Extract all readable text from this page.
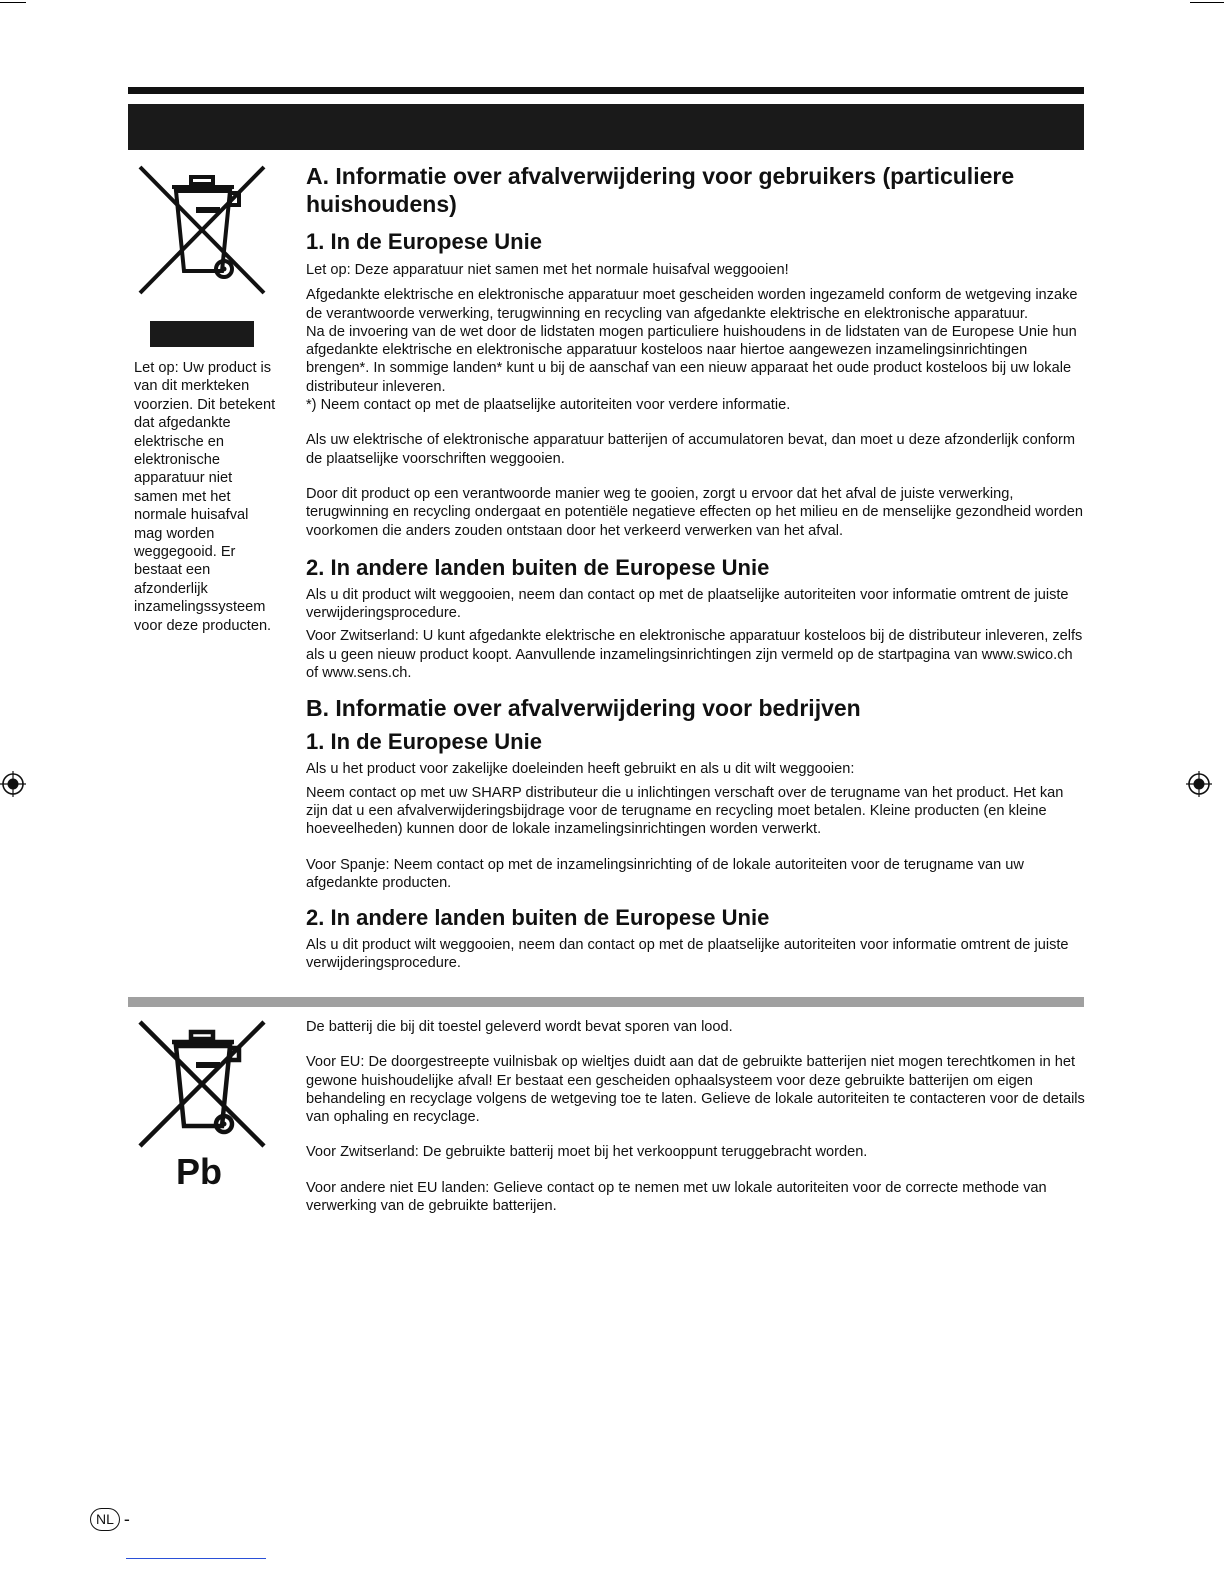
Let op: Uw product is van dit merkteken voorzien. Dit betekent dat afgedankte elektrische en elektronische apparatuur niet samen met het normale huisafval mag worden weggegooid. Er bestaat een afzonderlijk inzamelingssysteem voor deze producten.
A. Informatie over afvalverwijdering voor gebruikers (particuliere huishoudens)
1. In de Europese Unie

Let op: Deze apparatuur niet samen met het normale huisafval weggooien!

Afgedankte elektrische en elektronische apparatuur moet gescheiden worden ingezameld conform de wetgeving inzake de verantwoorde verwerking, terugwinning en recycling van afgedankte elektrische en elektronische apparatuur.

Na de invoering van de wet door de lidstaten mogen particuliere huishoudens in de lidstaten van de Europese Unie hun afgedankte elektrische en elektronische apparatuur kosteloos naar hiertoe aangewezen inzamelingsinrichtingen brengen*. In sommige landen* kunt u bij de aanschaf van een nieuw apparaat het oude product kosteloos bij uw lokale distributeur inleveren.

*) Neem contact op met de plaatselijke autoriteiten voor verdere informatie.

Als uw elektrische of elektronische apparatuur batterijen of accumulatoren bevat, dan moet u deze afzonderlijk conform de plaatselijke voorschriften weggooien.

Door dit product op een verantwoorde manier weg te gooien, zorgt u ervoor dat het afval de juiste verwerking, terugwinning en recycling ondergaat en potentiële negatieve effecten op het milieu en de menselijke gezondheid worden voorkomen die anders zouden ontstaan door het verkeerd verwerken van het afval.

2. In andere landen buiten de Europese Unie

Als u dit product wilt weggooien, neem dan contact op met de plaatselijke autoriteiten voor informatie omtrent de juiste verwijderingsprocedure.

Voor Zwitserland: U kunt afgedankte elektrische en elektronische apparatuur kosteloos bij de distributeur inleveren, zelfs als u geen nieuw product koopt. Aanvullende inzamelingsinrichtingen zijn vermeld op de startpagina van www.swico.ch of www.sens.ch.

B. Informatie over afvalverwijdering voor bedrijven
1. In de Europese Unie

Als u het product voor zakelijke doeleinden heeft gebruikt en als u dit wilt weggooien:

Neem contact op met uw SHARP distributeur die u inlichtingen verschaft over de terugname van het product. Het kan zijn dat u een afvalverwijderingsbijdrage voor de terugname en recycling moet betalen. Kleine producten (en kleine hoeveelheden) kunnen door de lokale inzamelingsinrichtingen worden verwerkt.

Voor Spanje: Neem contact op met de inzamelingsinrichting of de lokale autoriteiten voor de terugname van uw afgedankte producten.

2. In andere landen buiten de Europese Unie

Als u dit product wilt weggooien, neem dan contact op met de plaatselijke autoriteiten voor informatie omtrent de juiste verwijderingsprocedure.

Pb

De batterij die bij dit toestel geleverd wordt bevat sporen van lood.

Voor EU: De doorgestreepte vuilnisbak op wieltjes duidt aan dat de gebruikte batterijen niet mogen terechtkomen in het gewone huishoudelijke afval! Er bestaat een gescheiden ophaalsysteem voor deze gebruikte batterijen om eigen behandeling en recyclage volgens de wetgeving toe te laten. Gelieve de lokale autoriteiten te contacteren voor de details van ophaling en recyclage.

Voor Zwitserland: De gebruikte batterij moet bij het verkooppunt teruggebracht worden.

Voor andere niet EU landen: Gelieve contact op te nemen met uw lokale autoriteiten voor de correcte methode van verwerking van de gebruikte batterijen.

NL -
